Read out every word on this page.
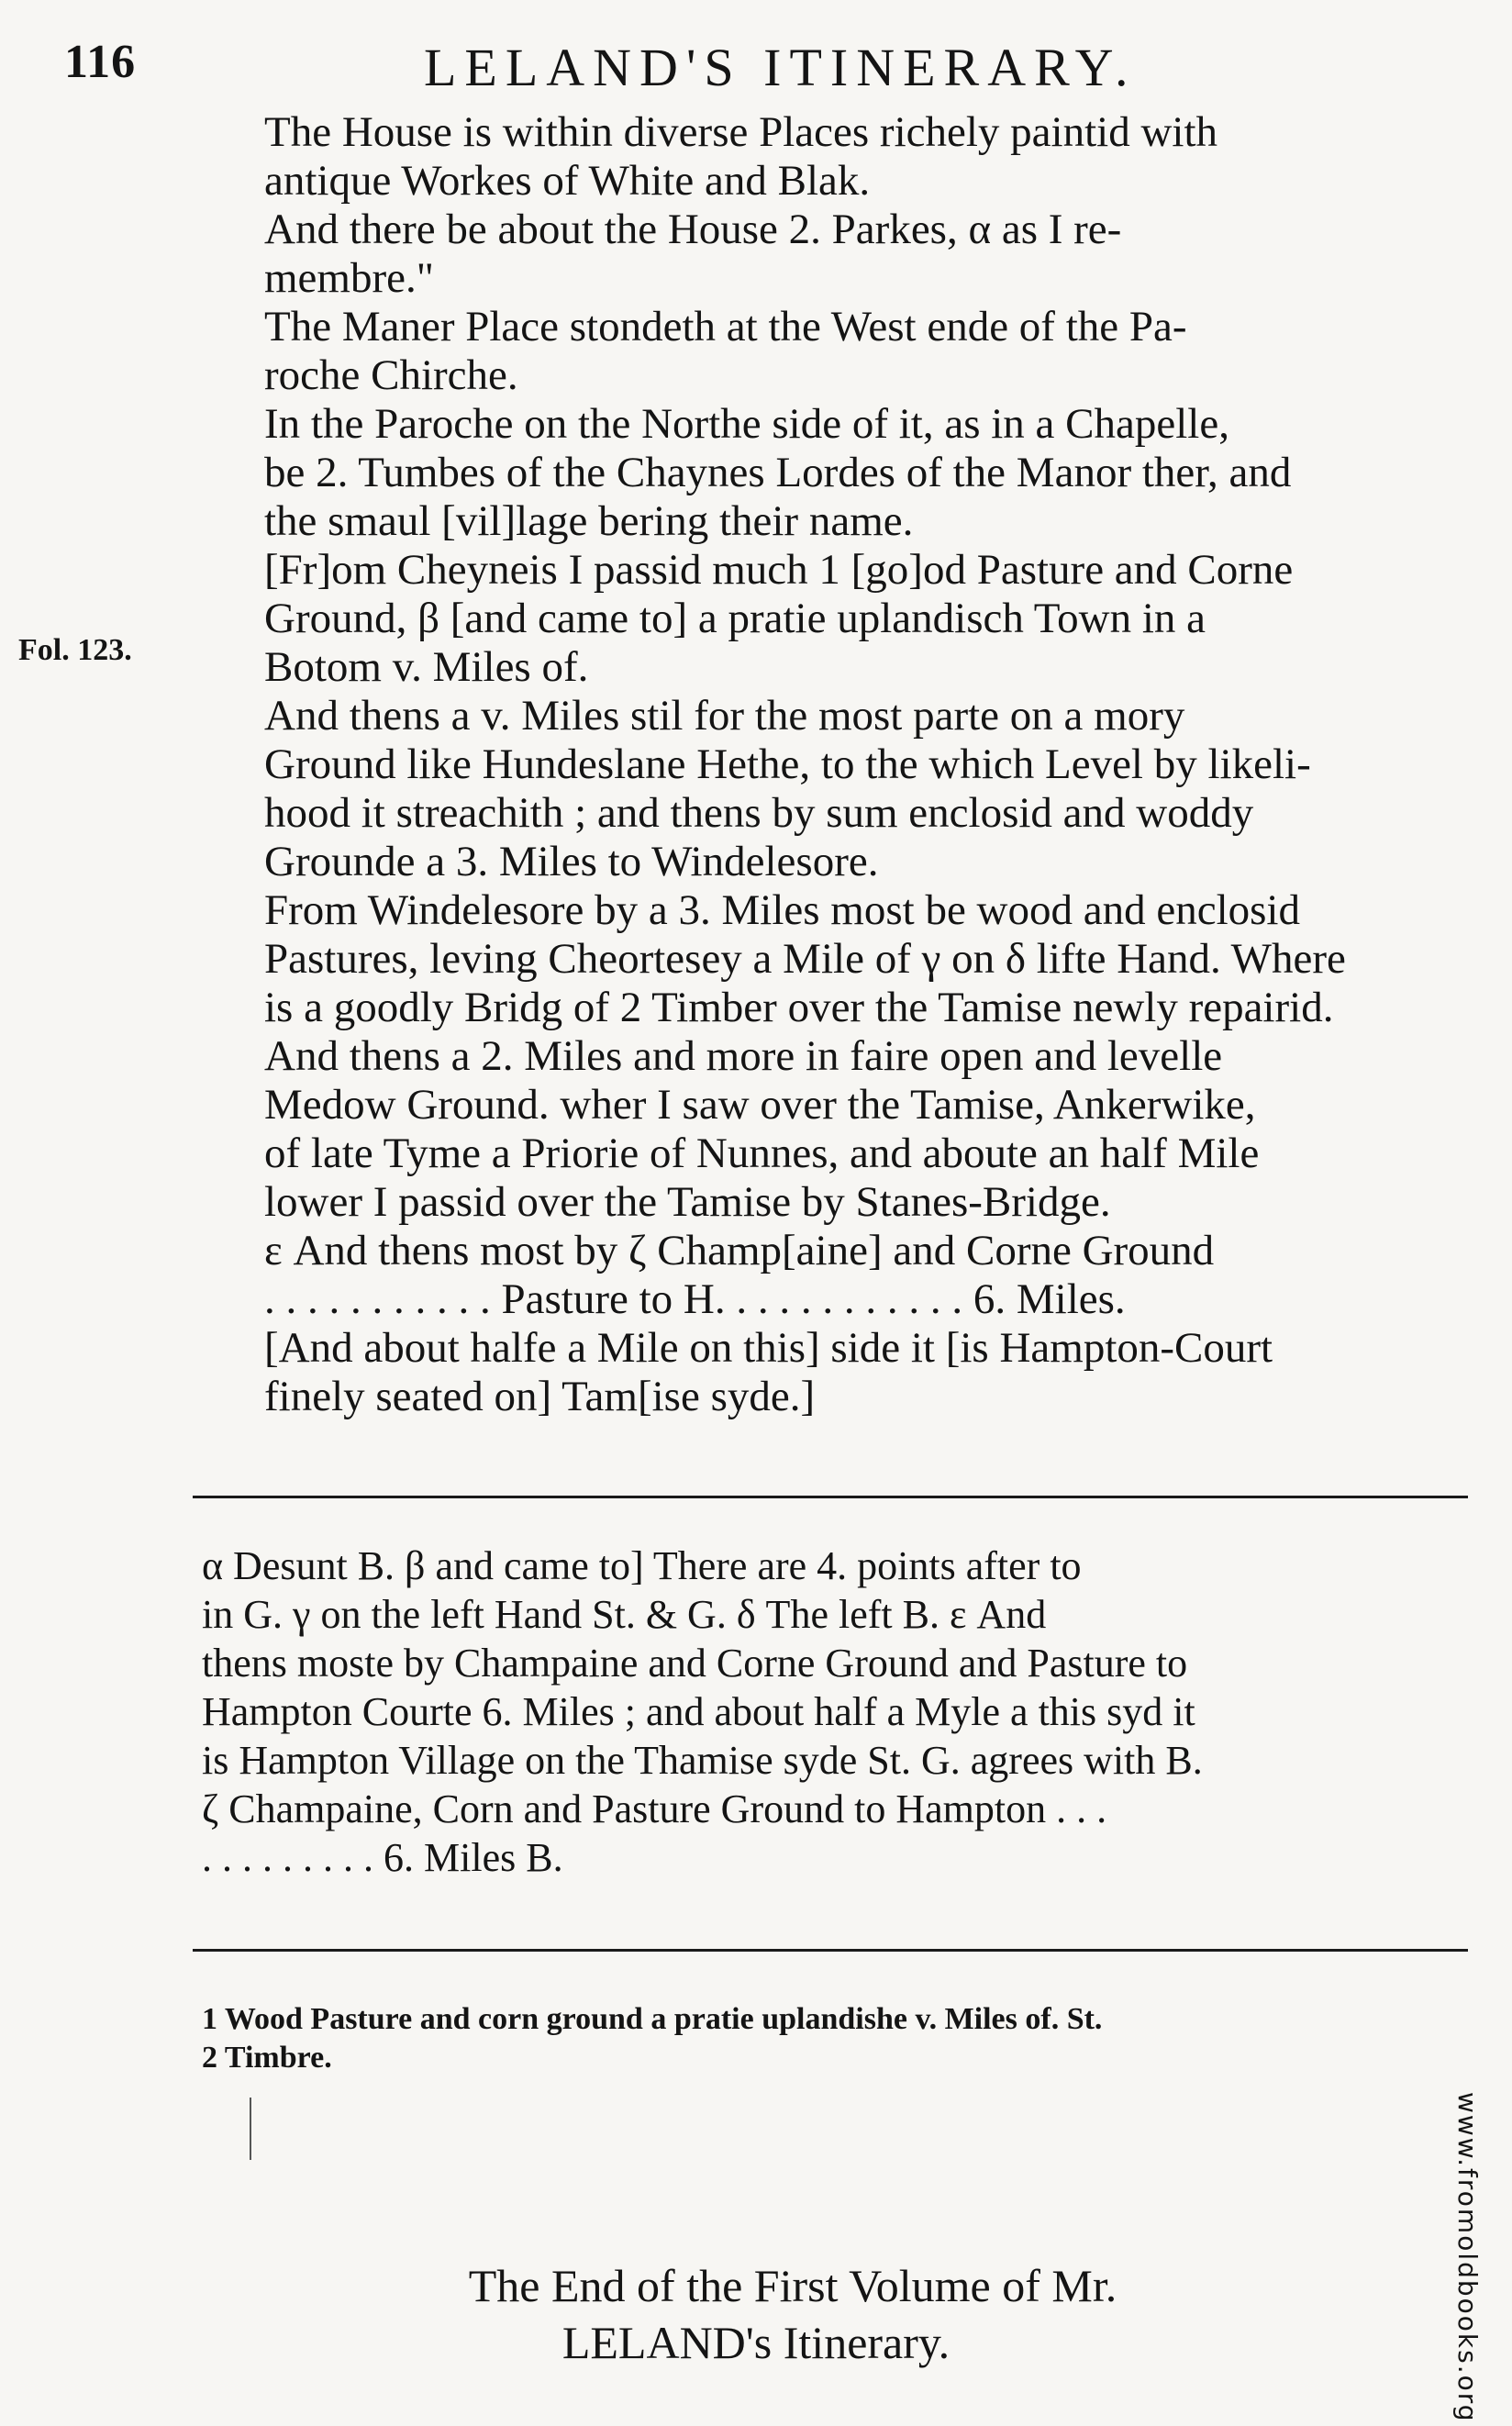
116	LELAND'S ITINERARY.
Fol. 123.
The House is within diverse Places richely paintid with
antique Workes of White and Blak.
And there be about the House 2. Parkes, α as I re-
membre."
The Maner Place stondeth at the West ende of the Pa-
roche Chirche.
In the Paroche on the Northe side of it, as in a Chapelle,
be 2. Tumbes of the Chaynes Lordes of the Manor ther, and
the smaul [vil]lage bering their name.
[Fr]om Cheyneis I passid much 1 [go]od Pasture and Corne
Ground, β [and came to] a pratie uplandisch Town in a
Botom v. Miles of.
And thens a v. Miles stil for the most parte on a mory
Ground like Hundeslane Hethe, to the which Level by likeli-
hood it streachith ; and thens by sum enclosid and woddy
Grounde a 3. Miles to Windelesore.
From Windelesore by a 3. Miles most be wood and enclosid
Pastures, leving Cheortesey a Mile of γ on δ lifte Hand. Where
is a goodly Bridg of 2 Timber over the Tamise newly repairid.
And thens a 2. Miles and more in faire open and levelle
Medow Ground. wher I saw over the Tamise, Ankerwike,
of late Tyme a Priorie of Nunnes, and aboute an half Mile
lower I passid over the Tamise by Stanes-Bridge.
ε And thens most by ζ Champ[aine] and Corne Ground
. . . . . . . . . . . Pasture to H. . . . . . . . . . . . 6. Miles.
[And about halfe a Mile on this] side it [is Hampton-Court
finely seated on] Tam[ise syde.]
α Desunt B. β and came to] There are 4. points after to
in G. γ on the left Hand St. & G. δ The left B. ε And
thens moste by Champaine and Corne Ground and Pasture to
Hampton Courte 6. Miles ; and about half a Myle a this syd it
is Hampton Village on the Thamise syde St. G. agrees with B.
ζ Champaine, Corn and Pasture Ground to Hampton . . .
. . . . . . . . . 6. Miles B.
1 Wood Pasture and corn ground a pratie uplandishe v. Miles of. St.
2 Timbre.
The End of the First Volume of Mr.
LELAND's Itinerary.	www.fromoldbooks.org
